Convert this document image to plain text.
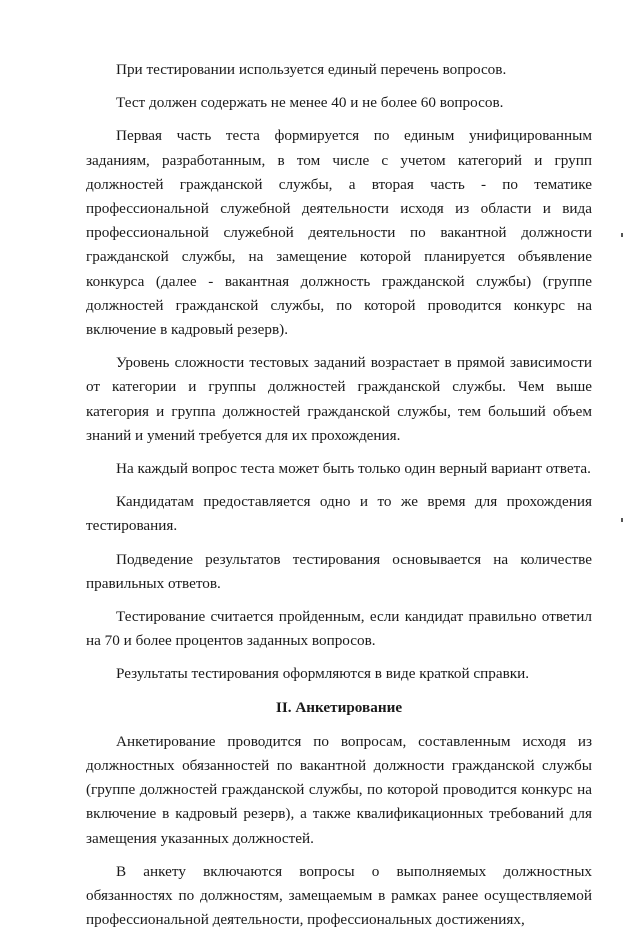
При тестировании используется единый перечень вопросов.

Тест должен содержать не менее 40 и не более 60 вопросов.

Первая часть теста формируется по единым унифицированным заданиям, разработанным, в том числе с учетом категорий и групп должностей гражданской службы, а вторая часть - по тематике профессиональной служебной деятельности исходя из области и вида профессиональной служебной деятельности по вакантной должности гражданской службы, на замещение которой планируется объявление конкурса (далее - вакантная должность гражданской службы) (группе должностей гражданской службы, по которой проводится конкурс на включение в кадровый резерв).

Уровень сложности тестовых заданий возрастает в прямой зависимости от категории и группы должностей гражданской службы. Чем выше категория и группа должностей гражданской службы, тем больший объем знаний и умений требуется для их прохождения.

На каждый вопрос теста может быть только один верный вариант ответа.

Кандидатам предоставляется одно и то же время для прохождения тестирования.

Подведение результатов тестирования основывается на количестве правильных ответов.

Тестирование считается пройденным, если кандидат правильно ответил на 70 и более процентов заданных вопросов.

Результаты тестирования оформляются в виде краткой справки.

II. Анкетирование

Анкетирование проводится по вопросам, составленным исходя из должностных обязанностей по вакантной должности гражданской службы (группе должностей гражданской службы, по которой проводится конкурс на включение в кадровый резерв), а также квалификационных требований для замещения указанных должностей.

В анкету включаются вопросы о выполняемых должностных обязанностях по должностям, замещаемым в рамках ранее осуществляемой профессиональной деятельности, профессиональных достижениях,
